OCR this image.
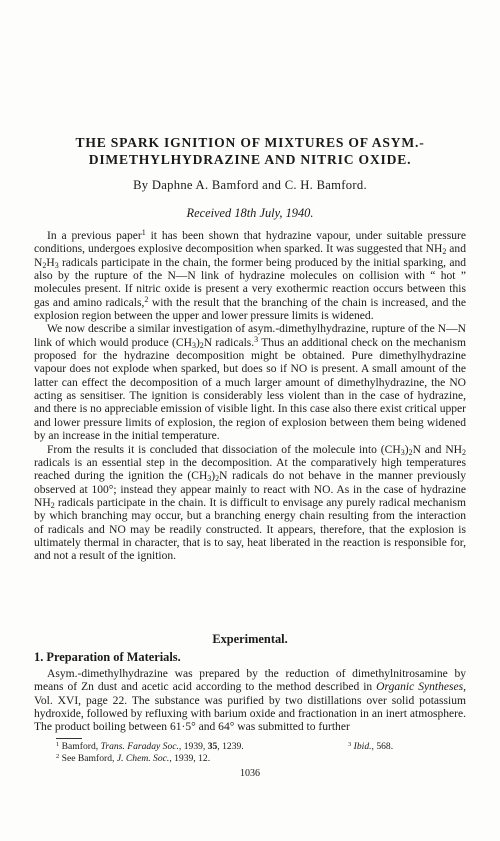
THE SPARK IGNITION OF MIXTURES OF ASYM.-
DIMETHYLHYDRAZINE AND NITRIC OXIDE.
By Daphne A. Bamford and C. H. Bamford.
Received 18th July, 1940.

In a previous paper$^1$ it has been shown that hydrazine vapour, under suitable pressure conditions, undergoes explosive decomposition when sparked. It was suggested that $NH_2$ and $N_2H_3$ radicals participate in the chain, the former being produced by the initial sparking, and also by the rupture of the N—N link of hydrazine molecules on collision with “ hot ” molecules present. If nitric oxide is present a very exothermic reaction occurs between this gas and amino radicals,$^2$ with the result that the branching of the chain is increased, and the explosion region between the upper and lower pressure limits is widened.

We now describe a similar investigation of asym.-dimethylhydrazine, rupture of the N—N link of which would produce $(CH_3)_2N$ radicals.$^3$ Thus an additional check on the mechanism proposed for the hydrazine decomposition might be obtained. Pure dimethylhydrazine vapour does not explode when sparked, but does so if NO is present. A small amount of the latter can effect the decomposition of a much larger amount of dimethylhydrazine, the NO acting as sensitiser. The ignition is considerably less violent than in the case of hydrazine, and there is no appreciable emission of visible light. In this case also there exist critical upper and lower pressure limits of explosion, the region of explosion between them being widened by an increase in the initial temperature.

From the results it is concluded that dissociation of the molecule into $(CH_3)_2N$ and $NH_2$ radicals is an essential step in the decomposition. At the comparatively high temperatures reached during the ignition the $(CH_3)_2N$ radicals do not behave in the manner previously observed at 100°; instead they appear mainly to react with NO. As in the case of hydrazine $NH_2$ radicals participate in the chain. It is difficult to envisage any purely radical mechanism by which branching may occur, but a branching energy chain resulting from the interaction of radicals and NO may be readily constructed. It appears, therefore, that the explosion is ultimately thermal in character, that is to say, heat liberated in the reaction is responsible for, and not a result of the ignition.

Experimental.
1. Preparation of Materials.

Asym.-dimethylhydrazine was prepared by the reduction of dimethylnitrosamine by means of Zn dust and acetic acid according to the method described in Organic Syntheses, Vol. XVI, page 22. The substance was purified by two distillations over solid potassium hydroxide, followed by refluxing with barium oxide and fractionation in an inert atmosphere. The product boiling between 61·5° and 64° was submitted to further

$^1$ Bamford, Trans. Faraday Soc., 1939, 35, 1239.	$^3$ Ibid., 568.
$^2$ See Bamford, J. Chem. Soc., 1939, 12.
1036
